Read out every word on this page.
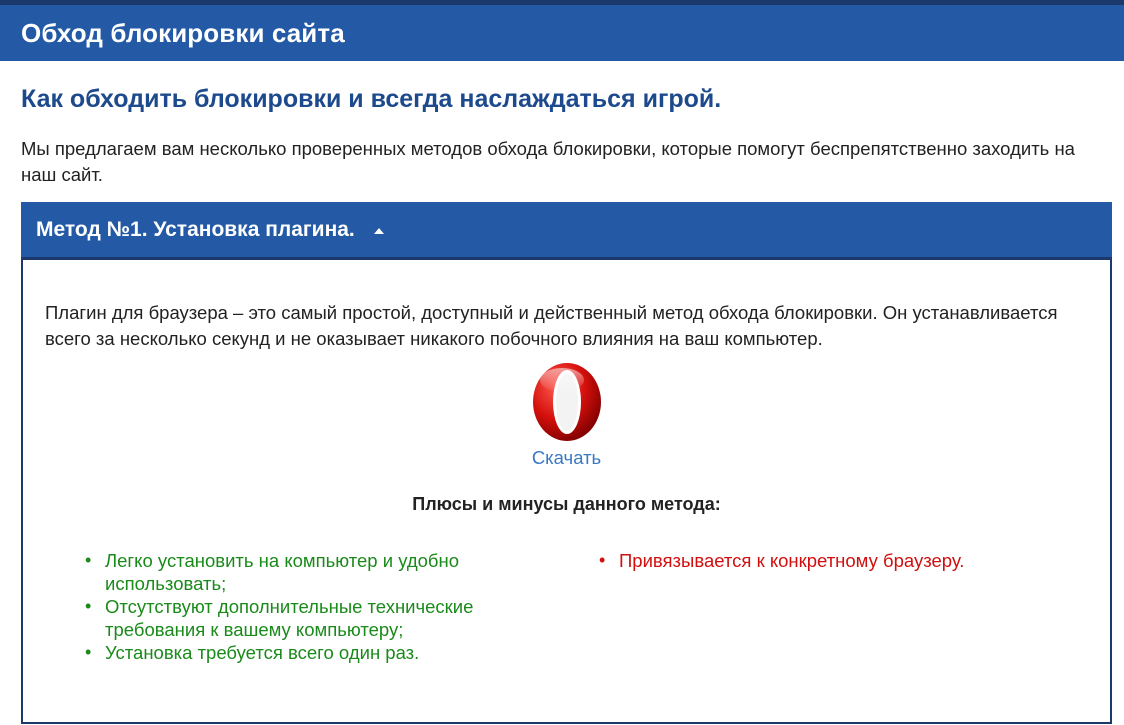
Обход блокировки сайта
Как обходить блокировки и всегда наслаждаться игрой.

Мы предлагаем вам несколько проверенных методов обхода блокировки, которые помогут беспрепятственно заходить на наш сайт.

Метод №1. Установка плагина.

Плагин для браузера – это самый простой, доступный и действенный метод обхода блокировки. Он устанавливается всего за несколько секунд и не оказывает никакого побочного влияния на ваш компьютер.

Скачать
Плюсы и минусы данного метода:
• Легко установить на компьютер и удобно использовать;
• Отсутствуют дополнительные технические требования к вашему компьютеру;
• Установка требуется всего один раз.
• Привязывается к конкретному браузеру.
